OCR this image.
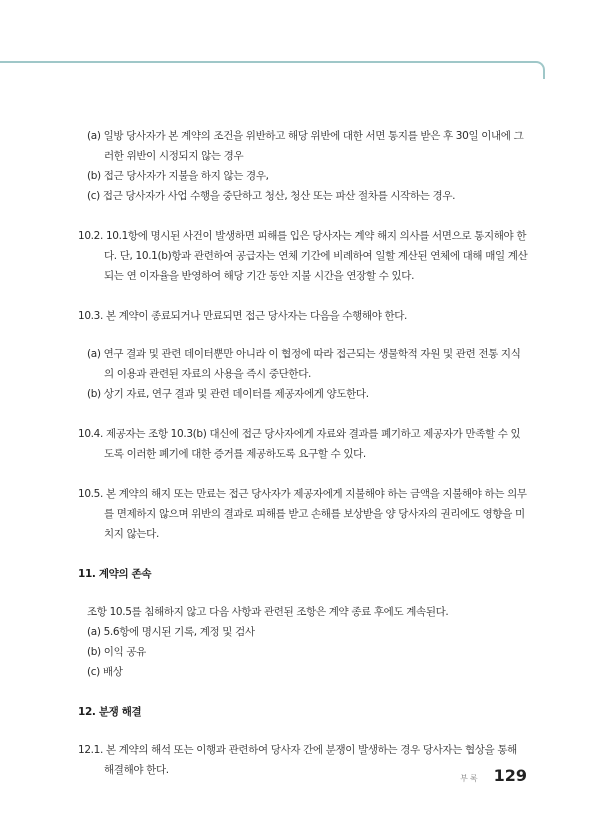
(a) 일방 당사자가 본 계약의 조건을 위반하고 해당 위반에 대한 서면 통지를 받은 후 30일 이내에 그러한 위반이 시정되지 않는 경우

(b) 접근 당사자가 지불을 하지 않는 경우,

(c) 접근 당사자가 사업 수행을 중단하고 청산, 청산 또는 파산 절차를 시작하는 경우.

10.2. 10.1항에 명시된 사건이 발생하면 피해를 입은 당사자는 계약 해지 의사를 서면으로 통지해야 한다. 단, 10.1(b)항과 관련하여 공급자는 연체 기간에 비례하여 일할 계산된 연체에 대해 매일 계산되는 연 이자율을 반영하여 해당 기간 동안 지불 시간을 연장할 수 있다.

10.3. 본 계약이 종료되거나 만료되면 접근 당사자는 다음을 수행해야 한다.

(a) 연구 결과 및 관련 데이터뿐만 아니라 이 협정에 따라 접근되는 생물학적 자원 및 관련 전통 지식의 이용과 관련된 자료의 사용을 즉시 중단한다.

(b) 상기 자료, 연구 결과 및 관련 데이터를 제공자에게 양도한다.

10.4. 제공자는 조항 10.3(b) 대신에 접근 당사자에게 자료와 결과를 폐기하고 제공자가 만족할 수 있도록 이러한 폐기에 대한 증거를 제공하도록 요구할 수 있다.

10.5. 본 계약의 해지 또는 만료는 접근 당사자가 제공자에게 지불해야 하는 금액을 지불해야 하는 의무를 면제하지 않으며 위반의 결과로 피해를 받고 손해를 보상받을 양 당사자의 권리에도 영향을 미치지 않는다.

11. 계약의 존속

조항 10.5를 침해하지 않고 다음 사항과 관련된 조항은 계약 종료 후에도 계속된다.

(a) 5.6항에 명시된 기록, 계정 및 검사

(b) 이익 공유

(c) 배상

12. 분쟁 해결

12.1. 본 계약의 해석 또는 이행과 관련하여 당사자 간에 분쟁이 발생하는 경우 당사자는 협상을 통해 해결해야 한다.

부록 129
